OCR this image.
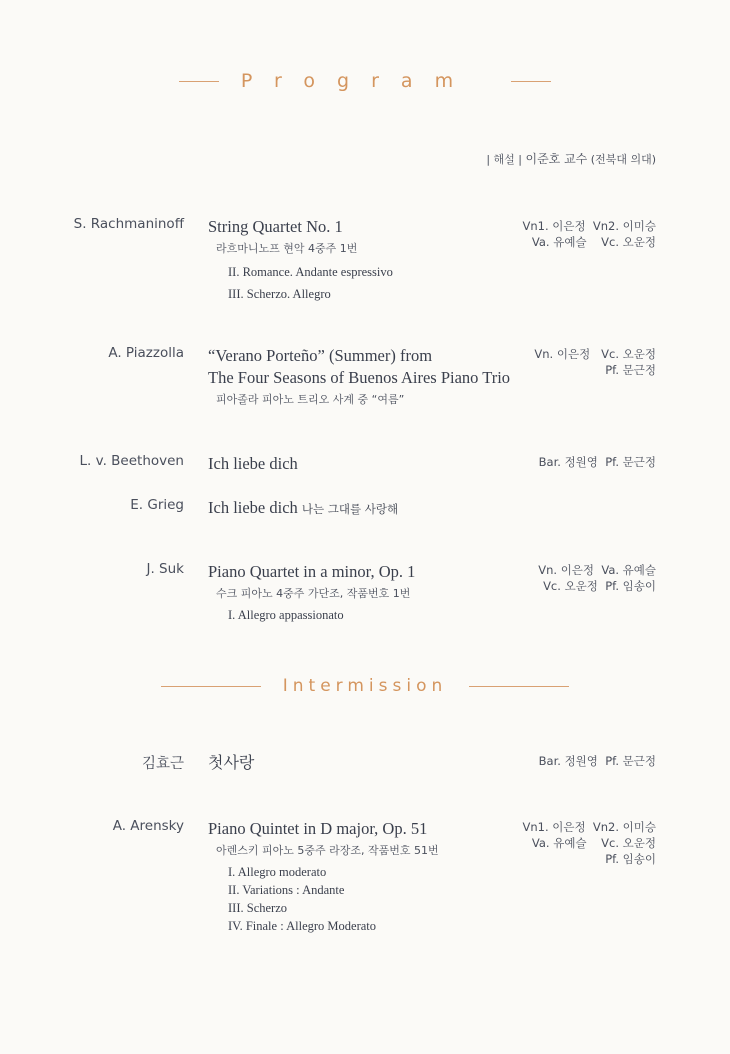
Program
| 해설 | 이준호 교수 (전북대 의대)
S. Rachmaninoff String Quartet No. 1
라흐마니노프 현악 4중주 1번
II. Romance. Andante espressivo
III. Scherzo. Allegro
Vn1. 이은정  Vn2. 이미승
Va. 유예슬    Vc. 오운정
A. Piazzolla “Verano Porteño” (Summer) from
The Four Seasons of Buenos Aires Piano Trio
피아졸라 피아노 트리오 사계 중 “여름”
Vn. 이은정   Vc. 오운정
Pf. 문근정
L. v. Beethoven Ich liebe dich	Bar. 정원영  Pf. 문근정
E. Grieg Ich liebe dich 나는 그대를 사랑해
J. Suk Piano Quartet in a minor, Op. 1
수크 피아노 4중주 가단조, 작품번호 1번
I. Allegro appassionato
Vn. 이은정  Va. 유예슬
Vc. 오운정  Pf. 임송이
Intermission
김효근 첫사랑	Bar. 정원영  Pf. 문근정
A. Arensky Piano Quintet in D major, Op. 51
아렌스키 피아노 5중주 라장조, 작품번호 51번
I. Allegro moderato
II. Variations : Andante
III. Scherzo
IV. Finale : Allegro Moderato
Vn1. 이은정  Vn2. 이미승
Va. 유예슬    Vc. 오운정
Pf. 임송이
